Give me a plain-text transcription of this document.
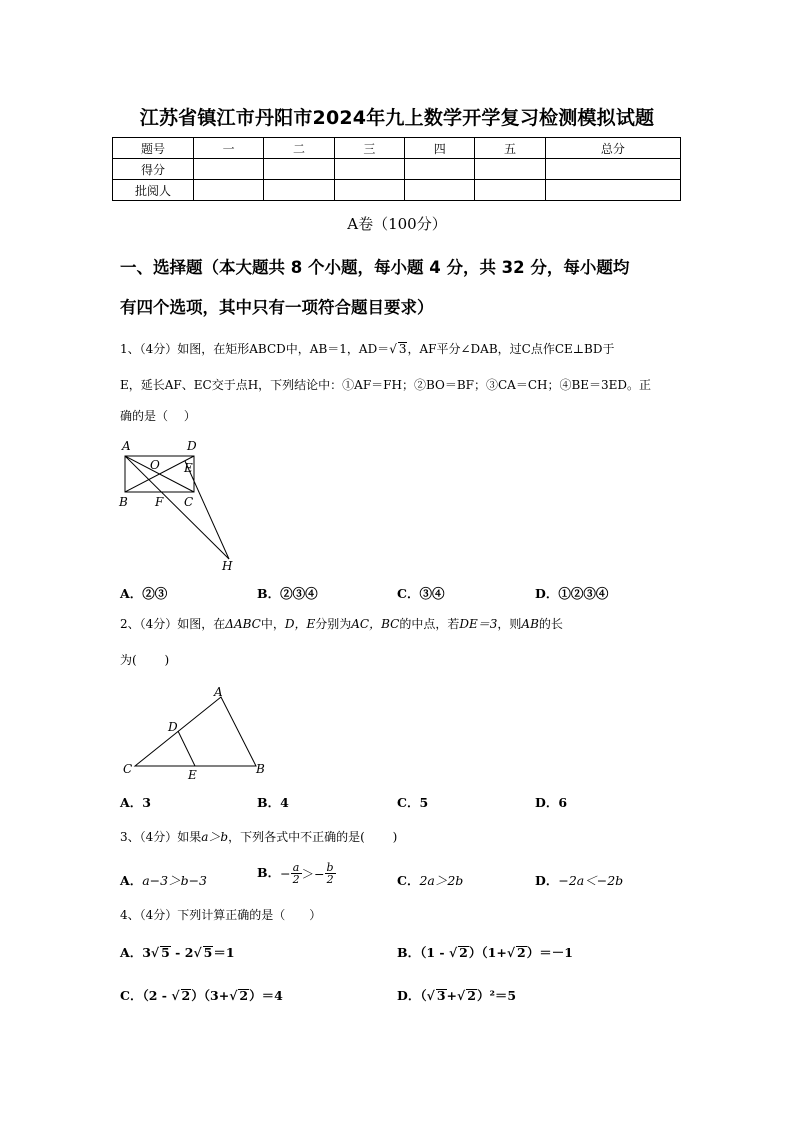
江苏省镇江市丹阳市2024年九上数学开学复习检测模拟试题
题号	一	二	三	四	五	总分
得分						
批阅人						
A卷（100分）
一、选择题（本大题共 8 个小题，每小题 4 分，共 32 分，每小题均
有四个选项，其中只有一项符合题目要求）
1、（4分）如图，在矩形ABCD中，AB＝1，AD＝ √ 3，AF平分∠DAB，过C点作CE⊥BD于
E，延长AF、EC交于点H，下列结论中：①AF＝FH；②BO＝BF；③CA＝CH；④BE＝3ED。正
确的是（　 ）
A	D
O E
B F C
H
A．②③	B．②③④	C．③④	D．①②③④
2、（4分）如图，在ΔABC中，D，E分别为AC，BC的中点，若DE＝3，则AB的长
为(　　 )
A
D
C	E	B
A．3	B．4	C．5	D．6
3、（4分）如果a＞b，下列各式中不正确的是(　　 )
A．a−3＞b−3
B．− $\frac{a}{2} >- \frac{b}{2}$	C．2a＞2b	D．−2a＜−2b
4、（4分）下列计算正确的是（　　）
A．3 √ 5 - 2 √ 5＝1	B．（1 - √ 2）（1+ √ 2）＝－1
C．（2 - √ 2）（3+ √ 2）＝4	D．（ √ 3+ √ 2）²＝5
